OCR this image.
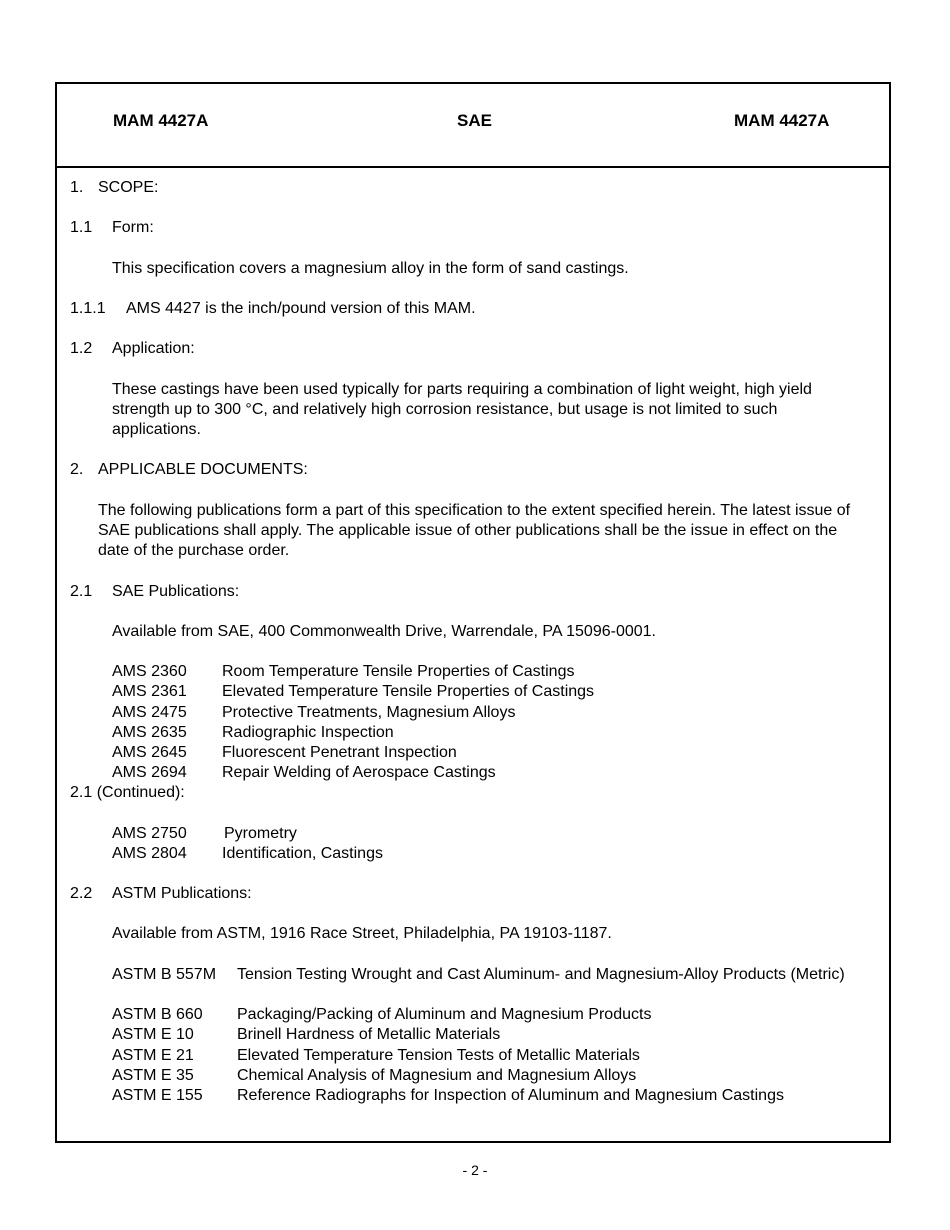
MAM 4427A	SAE	MAM 4427A
1. SCOPE:
1.1 Form:
This specification covers a magnesium alloy in the form of sand castings.
1.1.1 AMS 4427 is the inch/pound version of this MAM.
1.2 Application:
These castings have been used typically for parts requiring a combination of light weight, high yield strength up to 300 °C, and relatively high corrosion resistance, but usage is not limited to such applications.
2. APPLICABLE DOCUMENTS:
The following publications form a part of this specification to the extent specified herein. The latest issue of SAE publications shall apply. The applicable issue of other publications shall be the issue in effect on the date of the purchase order.
2.1 SAE Publications:
Available from SAE, 400 Commonwealth Drive, Warrendale, PA 15096-0001.
AMS 2360 Room Temperature Tensile Properties of Castings
AMS 2361 Elevated Temperature Tensile Properties of Castings
AMS 2475 Protective Treatments, Magnesium Alloys
AMS 2635 Radiographic Inspection
AMS 2645 Fluorescent Penetrant Inspection
AMS 2694 Repair Welding of Aerospace Castings
2.1 (Continued):
AMS 2750 Pyrometry
AMS 2804 Identification, Castings
2.2 ASTM Publications:
Available from ASTM, 1916 Race Street, Philadelphia, PA 19103-1187.
ASTM B 557M Tension Testing Wrought and Cast Aluminum- and Magnesium-Alloy Products (Metric)
ASTM B 660 Packaging/Packing of Aluminum and Magnesium Products
ASTM E 10	Brinell Hardness of Metallic Materials
ASTM E 21	Elevated Temperature Tension Tests of Metallic Materials
ASTM E 35	Chemical Analysis of Magnesium and Magnesium Alloys
ASTM E 155 Reference Radiographs for Inspection of Aluminum and Magnesium Castings
- 2 -
